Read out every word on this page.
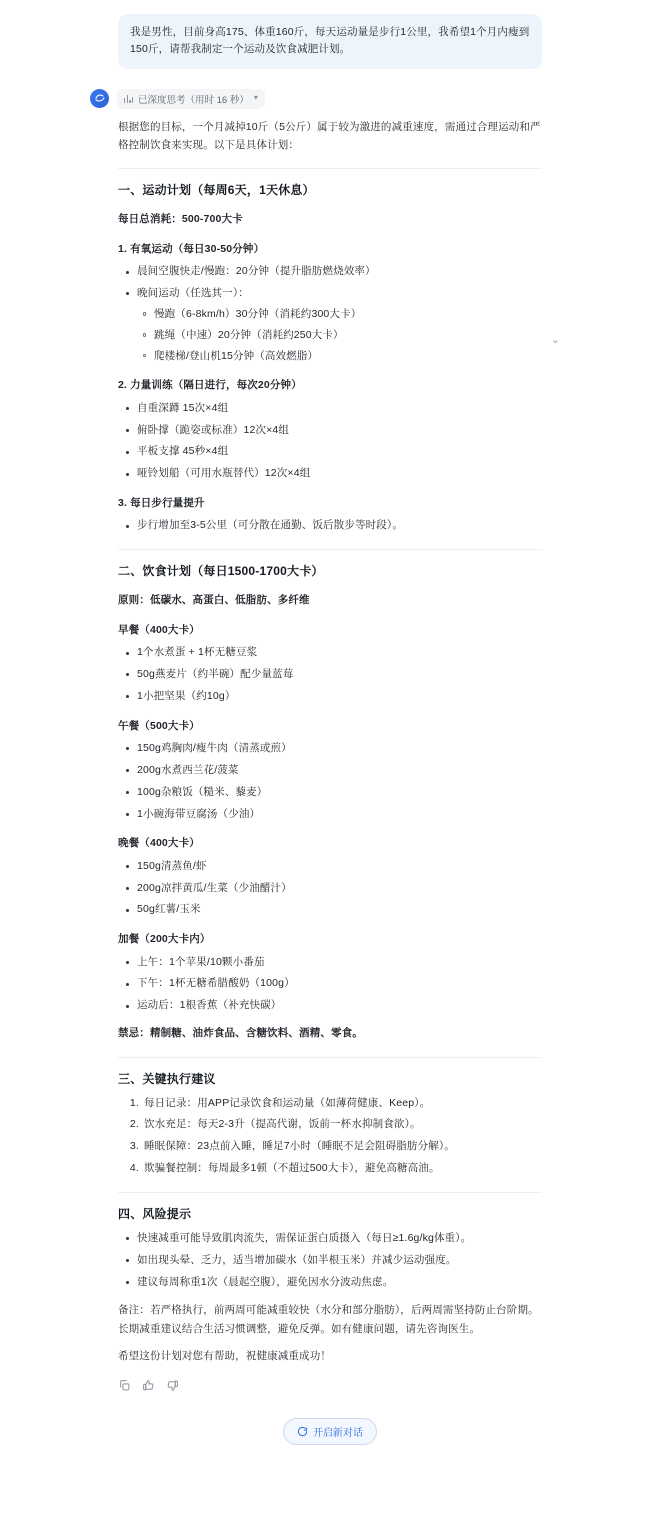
我是男性，目前身高175、体重160斤，每天运动量是步行1公里，我希望1个月内瘦到150斤，请帮我制定一个运动及饮食减肥计划。
已深度思考（用时 16 秒） ▾
⌄

根据您的目标，一个月减掉10斤（5公斤）属于较为激进的减重速度，需通过合理运动和严格控制饮食来实现。以下是具体计划：

一、运动计划（每周6天，1天休息）
每日总消耗：500-700大卡
1. 有氧运动（每日30-50分钟）
晨间空腹快走/慢跑：20分钟（提升脂肪燃烧效率）
晚间运动（任选其一）：
慢跑（6-8km/h）30分钟（消耗约300大卡）
跳绳（中速）20分钟（消耗约250大卡）
爬楼梯/登山机15分钟（高效燃脂）
2. 力量训练（隔日进行，每次20分钟）
自重深蹲 15次×4组
俯卧撑（跪姿或标准）12次×4组
平板支撑 45秒×4组
哑铃划船（可用水瓶替代）12次×4组
3. 每日步行量提升
步行增加至3-5公里（可分散在通勤、饭后散步等时段）。
二、饮食计划（每日1500-1700大卡）
原则：低碳水、高蛋白、低脂肪、多纤维
早餐（400大卡）
1个水煮蛋 + 1杯无糖豆浆
50g燕麦片（约半碗）配少量蓝莓
1小把坚果（约10g）
午餐（500大卡）
150g鸡胸肉/瘦牛肉（清蒸或煎）
200g水煮西兰花/菠菜
100g杂粮饭（糙米、藜麦）
1小碗海带豆腐汤（少油）
晚餐（400大卡）
150g清蒸鱼/虾
200g凉拌黄瓜/生菜（少油醋汁）
50g红薯/玉米
加餐（200大卡内）
上午：1个苹果/10颗小番茄
下午：1杯无糖希腊酸奶（100g）
运动后：1根香蕉（补充快碳）
禁忌：精制糖、油炸食品、含糖饮料、酒精、零食。
三、关键执行建议
1. 每日记录：用APP记录饮食和运动量（如薄荷健康、Keep）。
2. 饮水充足：每天2-3升（提高代谢，饭前一杯水抑制食欲）。
3. 睡眠保障：23点前入睡，睡足7小时（睡眠不足会阻碍脂肪分解）。
4. 欺骗餐控制：每周最多1顿（不超过500大卡），避免高糖高油。
四、风险提示
快速减重可能导致肌肉流失，需保证蛋白质摄入（每日≥1.6g/kg体重）。
如出现头晕、乏力，适当增加碳水（如半根玉米）并减少运动强度。
建议每周称重1次（晨起空腹），避免因水分波动焦虑。
备注：若严格执行，前两周可能减重较快（水分和部分脂肪），后两周需坚持防止台阶期。长期减重建议结合生活习惯调整，避免反弹。如有健康问题，请先咨询医生。
希望这份计划对您有帮助，祝健康减重成功！
开启新对话
